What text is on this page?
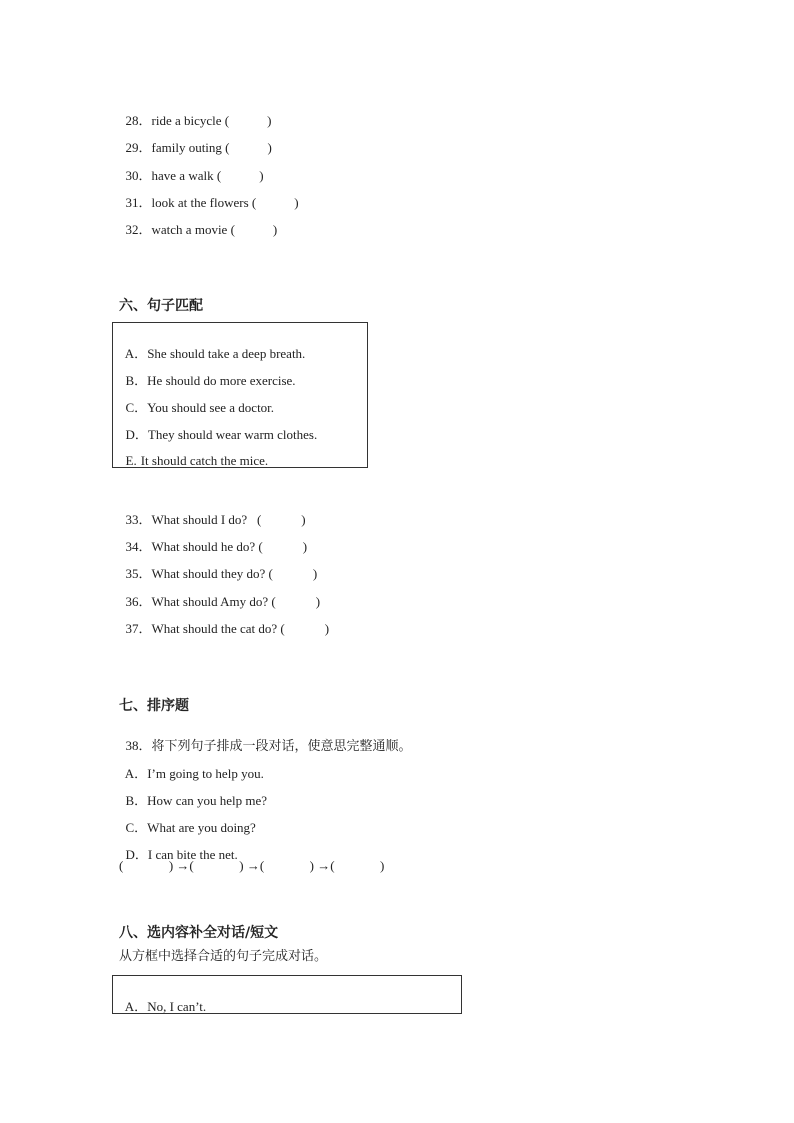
28．ride a bicycle (	)

29．family outing (	)

30．have a walk (	)

31．look at the flowers (	)

32．watch a movie (	)

六、句子匹配

A．She should take a deep breath.

B．He should do more exercise.

C．You should see a doctor.

D．They should wear warm clothes.

E. It should catch the mice.

33．What should I do?   (	)

34．What should he do? (	)

35．What should they do? (	)

36．What should Amy do? (	)

37．What should the cat do? (	)

七、排序题

38．将下列句子排成一段对话，使意思完整通顺。

A．I’m going to help you.

B．How can you help me?

C．What are you doing?

D．I can bite the net.

(              ) →(              ) →(              ) →(              )
八、选内容补全对话/短文
从方框中选择合适的句子完成对话。

A．No, I can’t.
